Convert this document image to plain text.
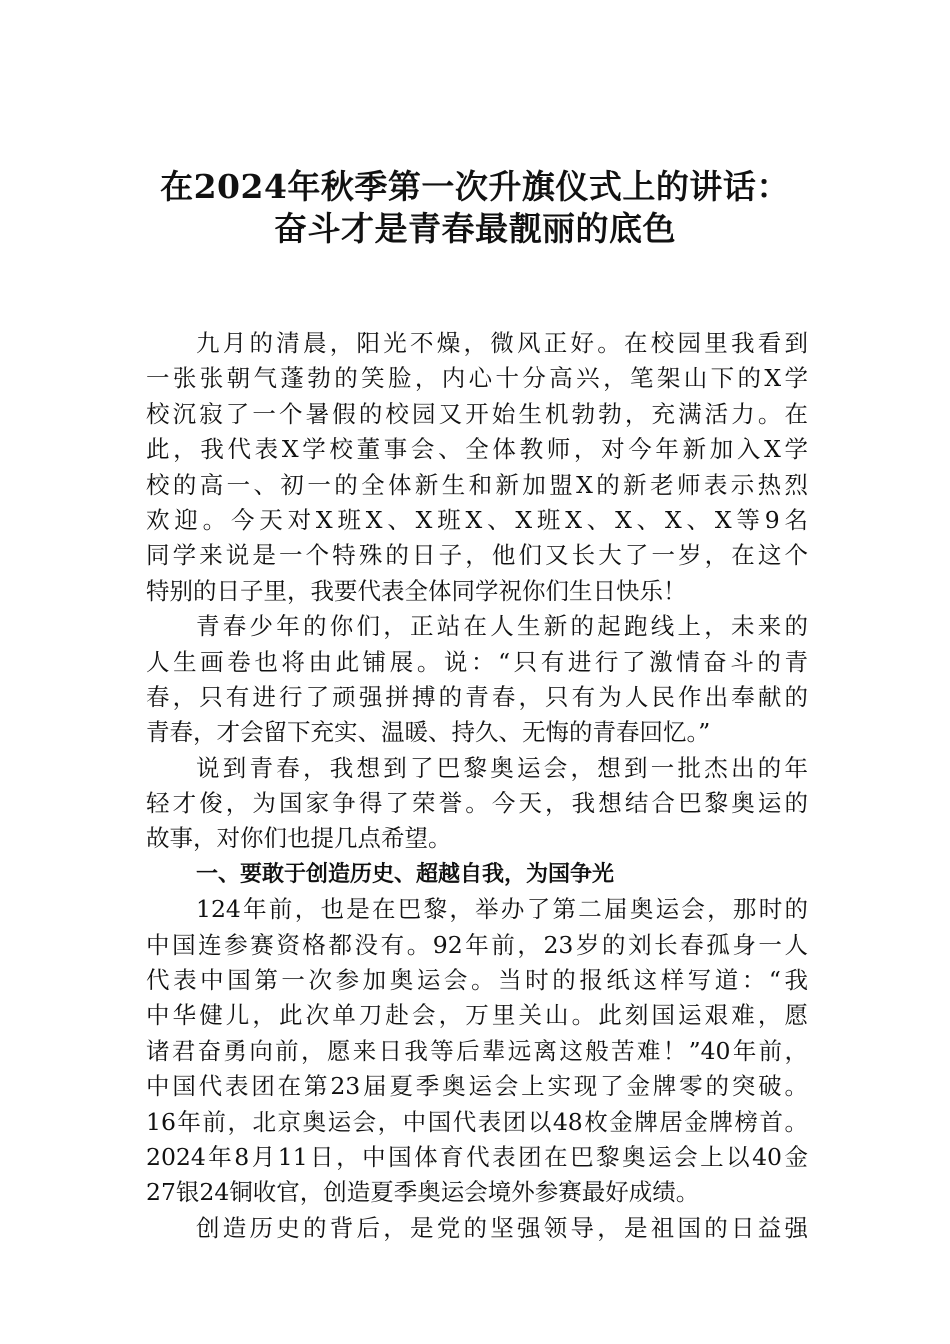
在2024年秋季第一次升旗仪式上的讲话：
奋斗才是青春最靓丽的底色
九月的清晨，阳光不燥，微风正好。在校园里我看到
一张张朝气蓬勃的笑脸，内心十分高兴，笔架山下的X学
校沉寂了一个暑假的校园又开始生机勃勃，充满活力。在
此，我代表X学校董事会、全体教师，对今年新加入X学
校的高一、初一的全体新生和新加盟X的新老师表示热烈
欢迎。今天对X班X、X班X、X班X、X、X、X等9名
同学来说是一个特殊的日子，他们又长大了一岁，在这个
特别的日子里，我要代表全体同学祝你们生日快乐！
青春少年的你们，正站在人生新的起跑线上，未来的
人生画卷也将由此铺展。说：“只有进行了激情奋斗的青
春，只有进行了顽强拼搏的青春，只有为人民作出奉献的
青春，才会留下充实、温暖、持久、无悔的青春回忆。”
说到青春，我想到了巴黎奥运会，想到一批杰出的年
轻才俊，为国家争得了荣誉。今天，我想结合巴黎奥运的
故事，对你们也提几点希望。
一、要敢于创造历史、超越自我，为国争光
124年前，也是在巴黎，举办了第二届奥运会，那时的
中国连参赛资格都没有。92年前，23岁的刘长春孤身一人
代表中国第一次参加奥运会。当时的报纸这样写道：“我
中华健儿，此次单刀赴会，万里关山。此刻国运艰难，愿
诸君奋勇向前，愿来日我等后辈远离这般苦难！”40年前，
中国代表团在第23届夏季奥运会上实现了金牌零的突破。
16年前，北京奥运会，中国代表团以48枚金牌居金牌榜首。
2024年8月11日，中国体育代表团在巴黎奥运会上以40金
27银24铜收官，创造夏季奥运会境外参赛最好成绩。
创造历史的背后，是党的坚强领导，是祖国的日益强
